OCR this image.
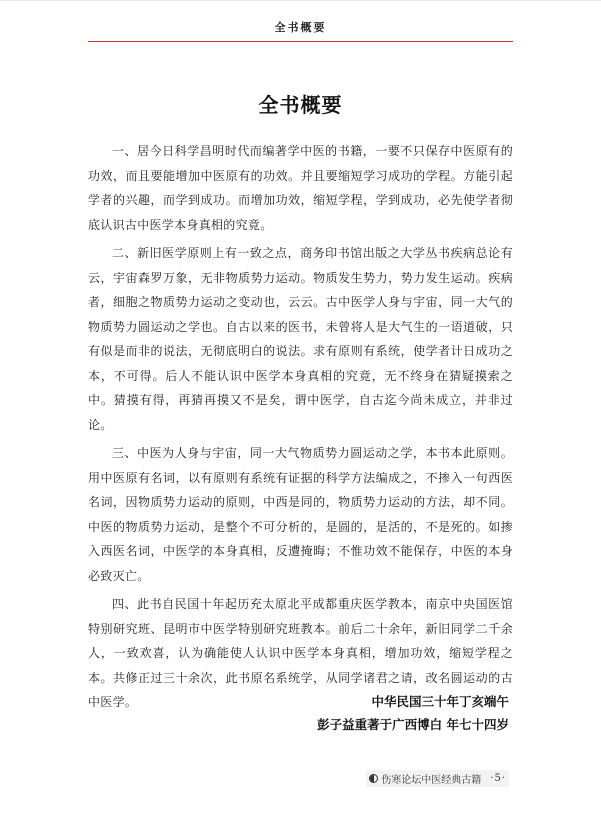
全书概要
全书概要

一、居今日科学昌明时代而编著学中医的书籍，一要不只保存中医原有的功效，而且要能增加中医原有的功效。并且要缩短学习成功的学程。方能引起学者的兴趣，而学到成功。而增加功效，缩短学程，学到成功，必先使学者彻底认识古中医学本身真相的究竟。

二、新旧医学原则上有一致之点，商务印书馆出版之大学丛书疾病总论有云，宇宙森罗万象，无非物质势力运动。物质发生势力，势力发生运动。疾病者，细胞之物质势力运动之变动也，云云。古中医学人身与宇宙，同一大气的物质势力圆运动之学也。自古以来的医书，未曾将人是大气生的一语道破，只有似是而非的说法，无彻底明白的说法。求有原则有系统，使学者计日成功之本，不可得。后人不能认识中医学本身真相的究竟，无不终身在猜疑摸索之中。猜摸有得，再猜再摸又不是矣，谓中医学，自古迄今尚未成立，并非过论。

三、中医为人身与宇宙，同一大气物质势力圆运动之学，本书本此原则。用中医原有名词，以有原则有系统有证据的科学方法编成之，不掺入一句西医名词，因物质势力运动的原则，中西是同的，物质势力运动的方法，却不同。中医的物质势力运动，是整个不可分析的，是圆的，是活的，不是死的。如掺入西医名词，中医学的本身真相，反遭掩晦；不惟功效不能保存，中医的本身必致灭亡。

四、此书自民国十年起历充太原北平成都重庆医学教本，南京中央国医馆特别研究班、昆明市中医学特别研究班教本。前后二十余年，新旧同学二千余人，一致欢喜，认为确能使人认识中医学本身真相，增加功效，缩短学程之本。共修正过三十余次，此书原名系统学，从同学诸君之请，改名圆运动的古中医学。	中华民国三十年丁亥端午
彭子益重著于广西博白 年七十四岁
伤寒论坛中医经典古籍 ·5·
